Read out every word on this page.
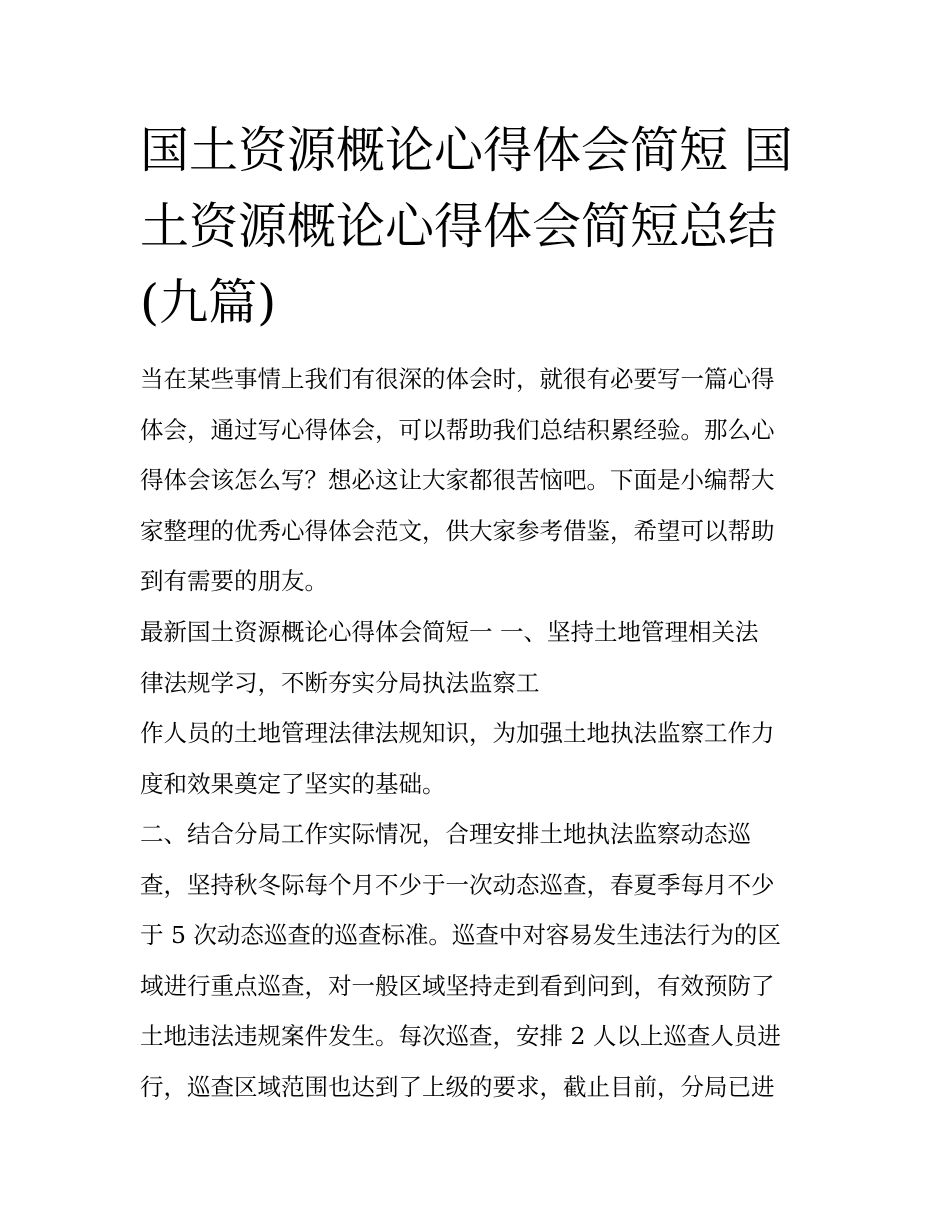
国土资源概论心得体会简短 国
土资源概论心得体会简短总结
(九篇)
当在某些事情上我们有很深的体会时，就很有必要写一篇心得
体会，通过写心得体会，可以帮助我们总结积累经验。那么心
得体会该怎么写？想必这让大家都很苦恼吧。下面是小编帮大
家整理的优秀心得体会范文，供大家参考借鉴，希望可以帮助
到有需要的朋友。
最新国土资源概论心得体会简短一 一、坚持土地管理相关法
律法规学习，不断夯实分局执法监察工
作人员的土地管理法律法规知识，为加强土地执法监察工作力
度和效果奠定了坚实的基础。
二、结合分局工作实际情况，合理安排土地执法监察动态巡
查，坚持秋冬际每个月不少于一次动态巡查，春夏季每月不少
于 5 次动态巡查的巡查标准。巡查中对容易发生违法行为的区
域进行重点巡查，对一般区域坚持走到看到问到，有效预防了
土地违法违规案件发生。每次巡查，安排 2 人以上巡查人员进
行，巡查区域范围也达到了上级的要求，截止目前，分局已进
